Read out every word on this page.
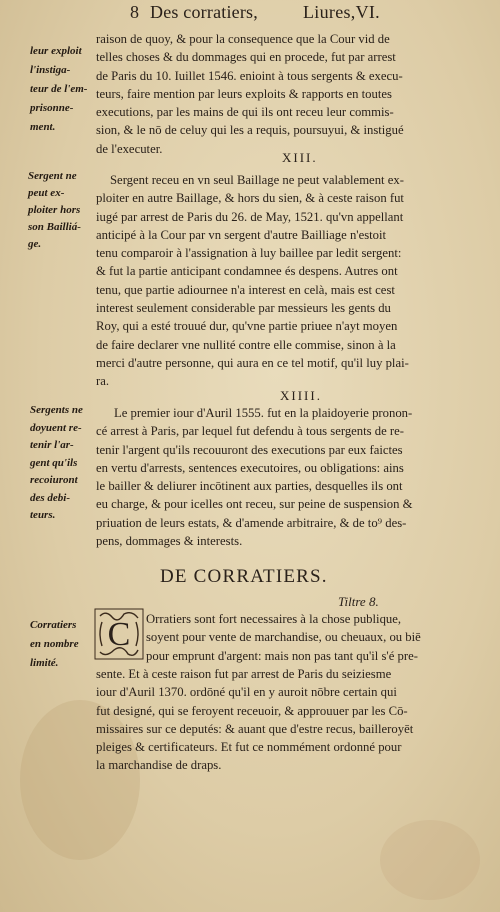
8 Des corratiers,	Liures,VI.
leur exploit
l'instiga-
teur de l'em-
prisonne-
ment.
Sergent ne
peut ex-
ploiter hors
son Bailliá-
ge.
Sergents ne
doyuent re-
tenir l'ar-
gent qu'ils
recoiuront
des debi-
teurs.
Corratiers
en nombre
limité.
raison de quoy, & pour la consequence que la Cour vid de
telles choses & du dommages qui en procede, fut par arrest
de Paris du 10. Iuillet 1546. enioint à tous sergents & execu-
teurs, faire mention par leurs exploits & rapports en toutes
executions, par les mains de qui ils ont receu leur commis-
sion, & le nō de celuy qui les a requis, poursuyui, & instigué
de l'executer.
XIII.
Sergent receu en vn seul Baillage ne peut valablement ex-
ploiter en autre Baillage, & hors du sien, & à ceste raison fut
iugé par arrest de Paris du 26. de May, 1521. qu'vn appellant
anticipé à la Cour par vn sergent d'autre Bailliage n'estoit
tenu comparoir à l'assignation à luy baillee par ledit sergent:
& fut la partie anticipant condamnee és despens. Autres ont
tenu, que partie adiournee n'a interest en celà, mais est cest
interest seulement considerable par messieurs les gents du
Roy, qui a esté trouué dur, qu'vne partie priuee n'ayt moyen
de faire declarer vne nullité contre elle commise, sinon à la
merci d'autre personne, qui aura en ce tel motif, qu'il luy plai-
ra.
XIIII.
Le premier iour d'Auril 1555. fut en la plaidoyerie pronon-
cé arrest à Paris, par lequel fut defendu à tous sergents de re-
tenir l'argent qu'ils recouuront des executions par eux faictes
en vertu d'arrests, sentences executoires, ou obligations: ains
le bailler & deliurer incōtinent aux parties, desquelles ils ont
eu charge, & pour icelles ont receu, sur peine de suspension &
priuation de leurs estats, & d'amende arbitraire, & de to⁹ des-
pens, dommages & interests.
DE CORRATIERS.
Tiltre 8.
C Orratiers sont fort necessaires à la chose publique,
soyent pour vente de marchandise, ou cheuaux, ou biē
pour emprunt d'argent: mais non pas tant qu'il s'é pre-
sente. Et à ceste raison fut par arrest de Paris du seiziesme
iour d'Auril 1370. ordōné qu'il en y auroit nōbre certain qui
fut designé, qui se feroyent receuoir, & approuuer par les Cō-
missaires sur ce deputés: & auant que d'estre recus, bailleroyēt
pleiges & certificateurs. Et fut ce nommément ordonné pour
la marchandise de draps.
